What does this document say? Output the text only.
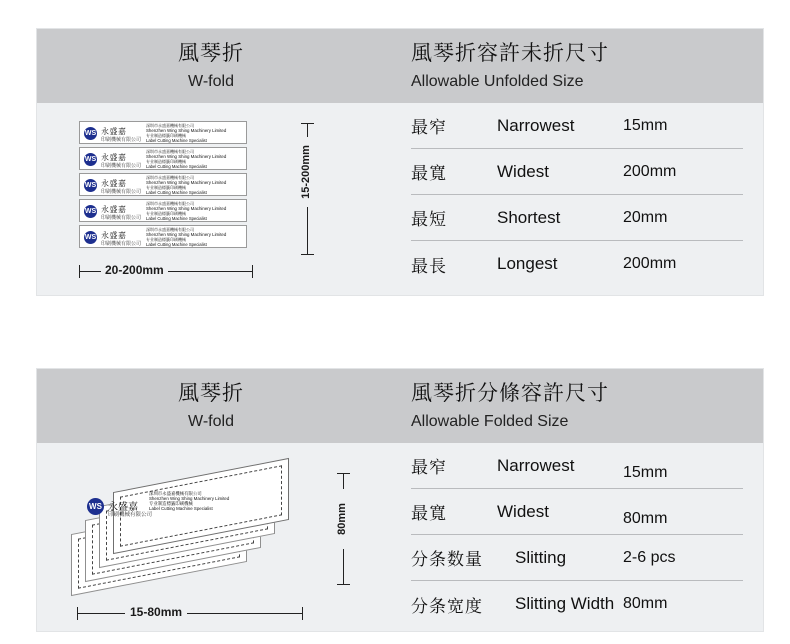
風琴折
W-fold
風琴折容許未折尺寸
Allowable Unfolded Size
WS 永盛嘉
印刷機械有限公司
深圳市永盛嘉機械有限公司
Shenzhen Wing Shing Machinery Limited
专业制造標籤印刷機械
Label Cutting Machine Specialist
WS 永盛嘉
印刷機械有限公司
深圳市永盛嘉機械有限公司
Shenzhen Wing Shing Machinery Limited
专业制造標籤印刷機械
Label Cutting Machine Specialist
WS 永盛嘉
印刷機械有限公司
深圳市永盛嘉機械有限公司
Shenzhen Wing Shing Machinery Limited
专业制造標籤印刷機械
Label Cutting Machine Specialist
WS 永盛嘉
印刷機械有限公司
深圳市永盛嘉機械有限公司
Shenzhen Wing Shing Machinery Limited
专业制造標籤印刷機械
Label Cutting Machine Specialist
WS 永盛嘉
印刷機械有限公司
深圳市永盛嘉機械有限公司
Shenzhen Wing Shing Machinery Limited
专业制造標籤印刷機械
Label Cutting Machine Specialist
15-200mm
20-200mm
最窄	Narrowest	15mm
最寬	Widest	200mm
最短	Shortest	20mm
最長	Longest	200mm
風琴折
W-fold
風琴折分條容許尺寸
Allowable Folded Size
WS 永盛嘉
印刷機械有限公司
深圳市永盛嘉機械有限公司
Shenzhen Wing Shing Machinery Limited
专业制造標籤印刷機械
Label Cutting Machine Specialist	80mm
15-80mm
最窄	Narrowest	15mm
最寬	Widest	80mm
分条数量	Slitting	2-6 pcs
分条宽度	Slitting Width 80mm
